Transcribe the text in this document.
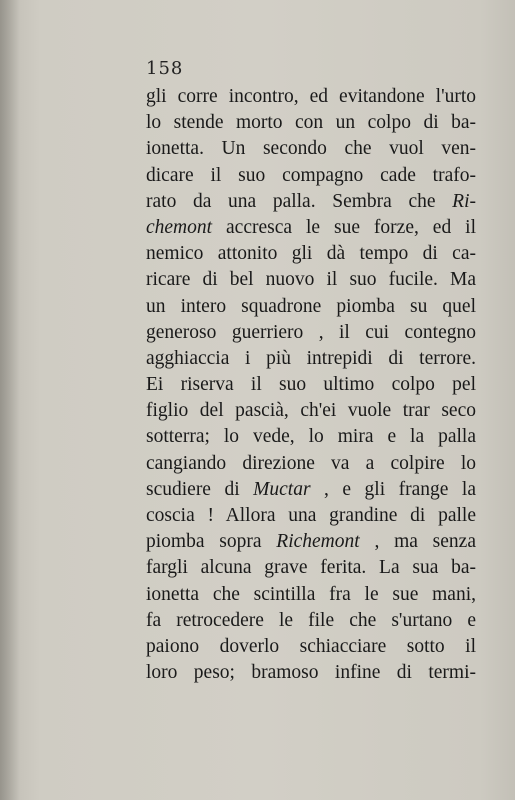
158
gli corre incontro, ed evitandone l'urto
lo stende morto con un colpo di ba-
ionetta. Un secondo che vuol ven-
dicare il suo compagno cade trafo-
rato da una palla. Sembra che Ri-
chemont accresca le sue forze, ed il
nemico attonito gli dà tempo di ca-
ricare di bel nuovo il suo fucile. Ma
un intero squadrone piomba su quel
generoso guerriero , il cui contegno
agghiaccia i più intrepidi di terrore.
Ei riserva il suo ultimo colpo pel
figlio del pascià, ch'ei vuole trar seco
sotterra; lo vede, lo mira e la palla
cangiando direzione va a colpire lo
scudiere di Muctar , e gli frange la
coscia ! Allora una grandine di palle
piomba sopra Richemont , ma senza
fargli alcuna grave ferita. La sua ba-
ionetta che scintilla fra le sue mani,
fa retrocedere le file che s'urtano e
paiono doverlo schiacciare sotto il
loro peso; bramoso infine di termi-
